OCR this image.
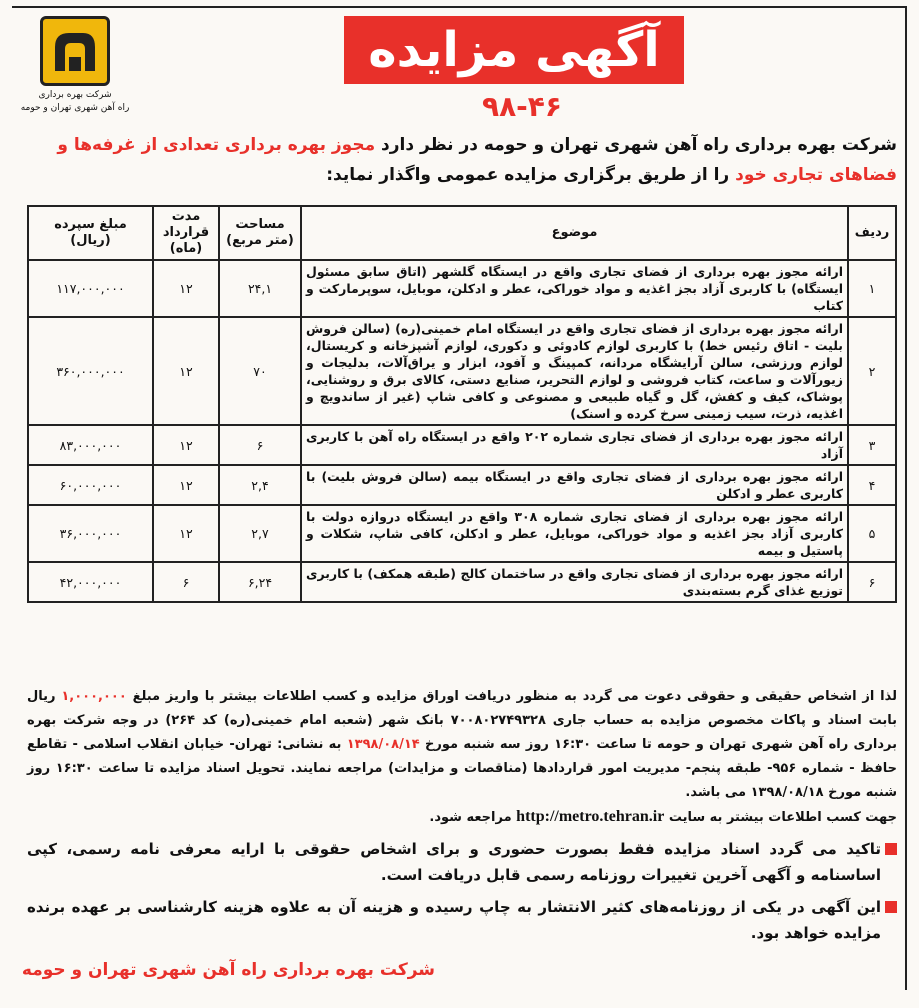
شرکت بهره برداری
راه آهن شهری تهران و حومه
آگهی مزایده
۹۸-۴۶
شرکت بهره برداری راه آهن شهری تهران و حومه در نظر دارد مجوز بهره برداری تعدادی از غرفه‌ها و فضاهای تجاری خود را از طریق برگزاری مزایده عمومی واگذار نماید:
ردیف	موضوع	مساحت (متر مربع)	مدت قرارداد (ماه)	مبلغ سپرده (ریال)
۱	ارائه مجوز بهره برداری از فضای تجاری واقع در ایستگاه گلشهر (اتاق سابق مسئول ایستگاه) با کاربری آزاد بجز اغذیه و مواد خوراکی، عطر و ادکلن، موبایل، سوپرمارکت و کتاب	۲۴,۱	۱۲	۱۱۷,۰۰۰,۰۰۰
۲	ارائه مجوز بهره برداری از فضای تجاری واقع در ایستگاه امام خمینی(ره) (سالن فروش بلیت - اتاق رئیس خط) با کاربری لوازم کادوئی و دکوری، لوازم آشپزخانه و کریستال، لوازم ورزشی، سالن آرایشگاه مردانه، کمپینگ و آفود، ابزار و یراق‌آلات، بدلیجات و زیورآلات و ساعت، کتاب فروشی و لوازم التحریر، صنایع دستی، کالای برق و روشنایی، پوشاک، کیف و کفش، گل و گیاه طبیعی و مصنوعی و کافی شاپ (غیر از ساندویچ و اغذیه، ذرت، سیب زمینی سرخ کرده و اسنک)	۷۰	۱۲	۳۶۰,۰۰۰,۰۰۰
۳	ارائه مجوز بهره برداری از فضای تجاری شماره ۲۰۲ واقع در ایستگاه راه آهن با کاربری آزاد	۶	۱۲	۸۳,۰۰۰,۰۰۰
۴	ارائه مجوز بهره برداری از فضای تجاری واقع در ایستگاه بیمه (سالن فروش بلیت) با کاربری عطر و ادکلن	۲,۴	۱۲	۶۰,۰۰۰,۰۰۰
۵	ارائه مجوز بهره برداری از فضای تجاری شماره ۳۰۸ واقع در ایستگاه دروازه دولت با کاربری آزاد بجز اغذیه و مواد خوراکی، موبایل، عطر و ادکلن، کافی شاپ، شکلات و پاستیل و بیمه	۲,۷	۱۲	۳۶,۰۰۰,۰۰۰
۶	ارائه مجوز بهره برداری از فضای تجاری واقع در ساختمان کالج (طبقه همکف) با کاربری توزیع غذای گرم بسته‌بندی	۶,۲۴	۶	۴۲,۰۰۰,۰۰۰

لذا از اشخاص حقیقی و حقوقی دعوت می گردد به منظور دریافت اوراق مزایده و کسب اطلاعات بیشتر با واریز مبلغ ۱,۰۰۰,۰۰۰ ریال بابت اسناد و پاکات مخصوص مزایده به حساب جاری ۷۰۰۸۰۲۷۴۹۳۲۸ بانک شهر (شعبه امام خمینی(ره) کد ۲۶۴) در وجه شرکت بهره برداری راه آهن شهری تهران و حومه تا ساعت ۱۶:۳۰ روز سه شنبه مورخ ۱۳۹۸/۰۸/۱۴ به نشانی: تهران- خیابان انقلاب اسلامی - تقاطع حافظ - شماره ۹۵۶- طبقه پنجم- مدیریت امور قراردادها (مناقصات و مزایدات) مراجعه نمایند. تحویل اسناد مزایده تا ساعت ۱۶:۳۰ روز شنبه مورخ ۱۳۹۸/۰۸/۱۸ می باشد.

جهت کسب اطلاعات بیشتر به سایت http://metro.tehran.ir مراجعه شود.

تاکید می گردد اسناد مزایده فقط بصورت حضوری و برای اشخاص حقوقی با ارایه معرفی نامه رسمی، کپی اساسنامه و آگهی آخرین تغییرات روزنامه رسمی قابل دریافت است.
این آگهی در یکی از روزنامه‌های کثیر الانتشار به چاپ رسیده و هزینه آن به علاوه هزینه کارشناسی بر عهده برنده مزایده خواهد بود.
شرکت بهره برداری راه آهن شهری تهران و حومه
